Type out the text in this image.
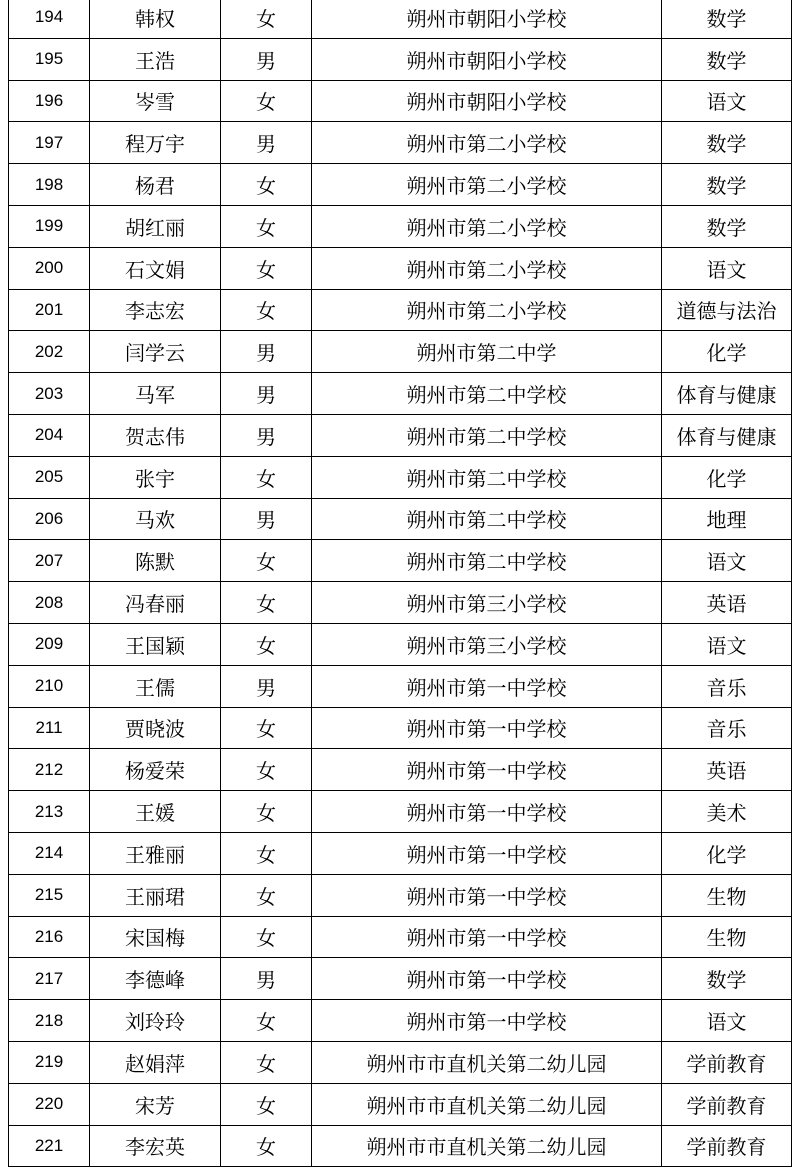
194	韩权	女	朔州市朝阳小学校	数学
195	王浩	男	朔州市朝阳小学校	数学
196	岑雪	女	朔州市朝阳小学校	语文
197	程万宇	男	朔州市第二小学校	数学
198	杨君	女	朔州市第二小学校	数学
199	胡红丽	女	朔州市第二小学校	数学
200	石文娟	女	朔州市第二小学校	语文
201	李志宏	女	朔州市第二小学校	道德与法治
202	闫学云	男	朔州市第二中学	化学
203	马军	男	朔州市第二中学校	体育与健康
204	贺志伟	男	朔州市第二中学校	体育与健康
205	张宇	女	朔州市第二中学校	化学
206	马欢	男	朔州市第二中学校	地理
207	陈默	女	朔州市第二中学校	语文
208	冯春丽	女	朔州市第三小学校	英语
209	王国颖	女	朔州市第三小学校	语文
210	王儒	男	朔州市第一中学校	音乐
211	贾晓波	女	朔州市第一中学校	音乐
212	杨爱荣	女	朔州市第一中学校	英语
213	王媛	女	朔州市第一中学校	美术
214	王雅丽	女	朔州市第一中学校	化学
215	王丽珺	女	朔州市第一中学校	生物
216	宋国梅	女	朔州市第一中学校	生物
217	李德峰	男	朔州市第一中学校	数学
218	刘玲玲	女	朔州市第一中学校	语文
219	赵娟萍	女	朔州市市直机关第二幼儿园	学前教育
220	宋芳	女	朔州市市直机关第二幼儿园	学前教育
221	李宏英	女	朔州市市直机关第二幼儿园	学前教育
